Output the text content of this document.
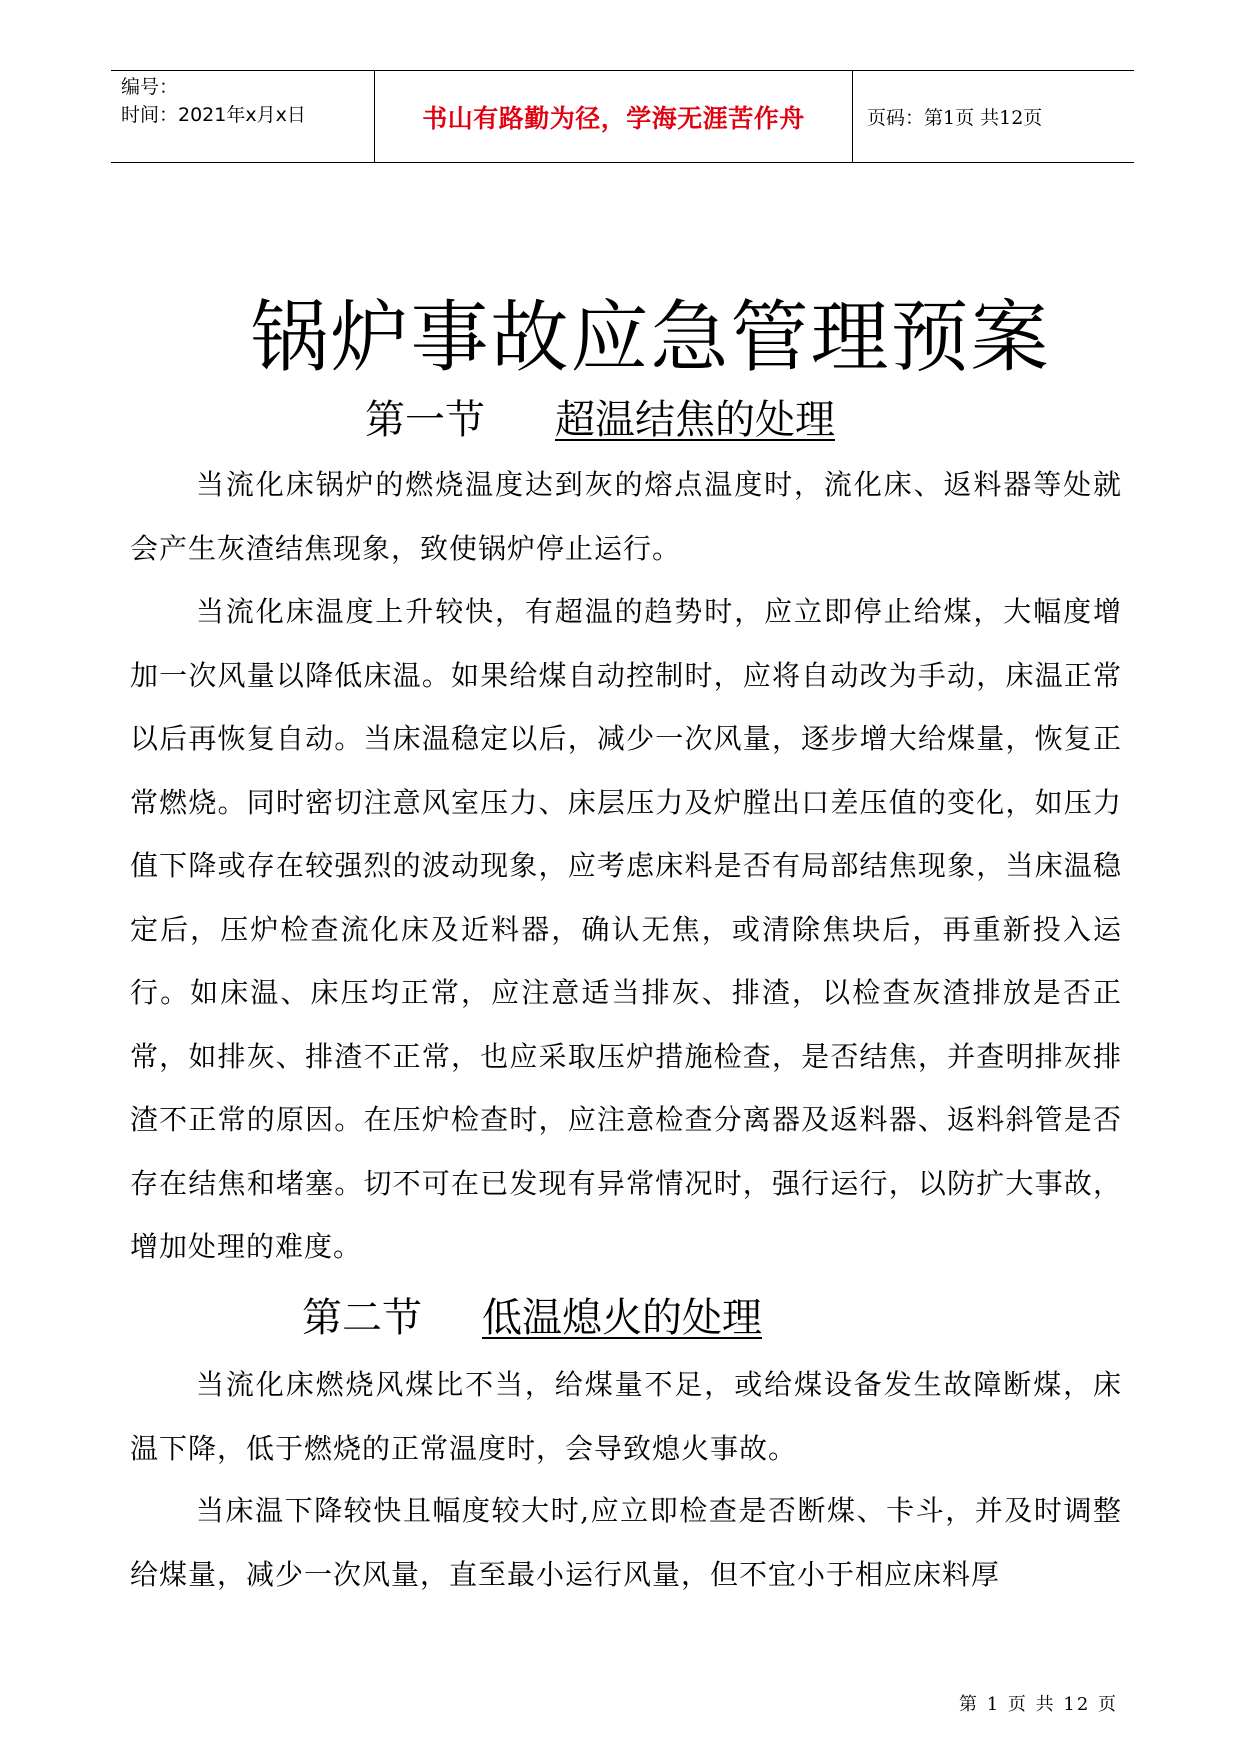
编号：
时间：2021年x月x日	书山有路勤为径，学海无涯苦作舟	页码：第1页 共12页
锅炉事故应急管理预案
第一节 超温结焦的处理

当流化床锅炉的燃烧温度达到灰的熔点温度时，流化床、返料器等处就会产生灰渣结焦现象，致使锅炉停止运行。

当流化床温度上升较快，有超温的趋势时，应立即停止给煤，大幅度增加一次风量以降低床温。如果给煤自动控制时，应将自动改为手动，床温正常以后再恢复自动。当床温稳定以后，减少一次风量，逐步增大给煤量，恢复正常燃烧。同时密切注意风室压力、床层压力及炉膛出口差压值的变化，如压力值下降或存在较强烈的波动现象，应考虑床料是否有局部结焦现象，当床温稳定后，压炉检查流化床及近料器，确认无焦，或清除焦块后，再重新投入运行。如床温、床压均正常，应注意适当排灰、排渣，以检查灰渣排放是否正常，如排灰、排渣不正常，也应采取压炉措施检查，是否结焦，并查明排灰排渣不正常的原因。在压炉检查时，应注意检查分离器及返料器、返料斜管是否存在结焦和堵塞。切不可在已发现有异常情况时，强行运行，以防扩大事故，增加处理的难度。

第二节 低温熄火的处理

当流化床燃烧风煤比不当，给煤量不足，或给煤设备发生故障断煤，床温下降，低于燃烧的正常温度时，会导致熄火事故。

当床温下降较快且幅度较大时,应立即检查是否断煤、卡斗，并及时调整给煤量，减少一次风量，直至最小运行风量，但不宜小于相应床料厚

第 1 页 共 12 页
